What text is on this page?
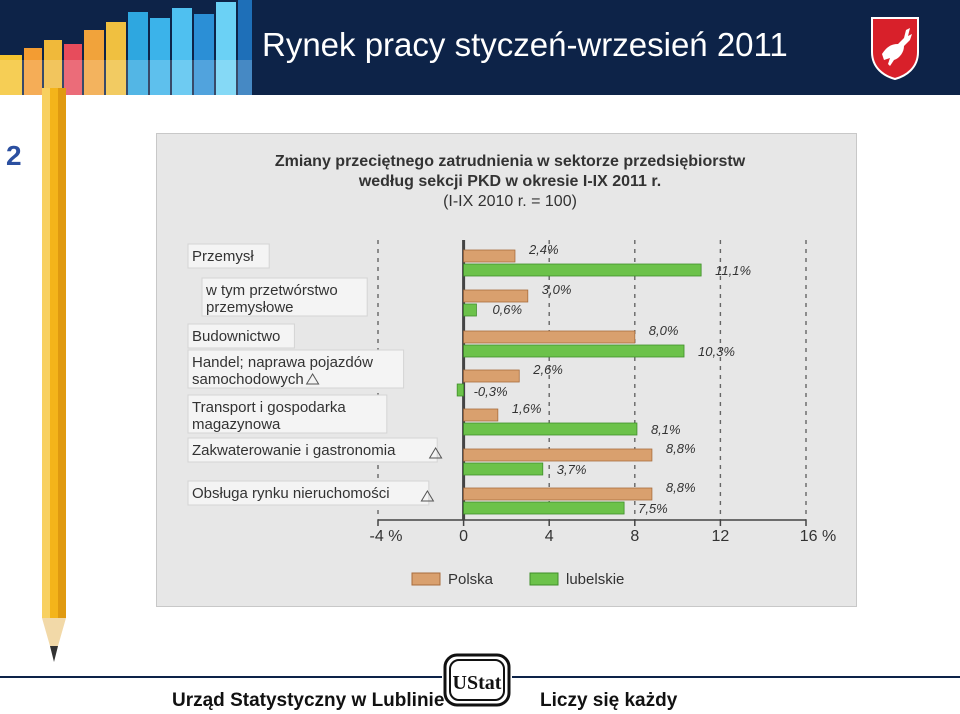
Rynek pracy styczeń-wrzesień 2011
2	Zmiany przeciętnego zatrudnienia w sektorze przedsiębiorstw
według sekcji PKD w okresie I-IX 2011 r.
(I-IX 2010 r. = 100)
Przemysł
w tym przetwórstwo
przemysłowe
Budownictwo
Handel; naprawa pojazdów
samochodowych
Transport i gospodarka
magazynowa
Zakwaterowanie i gastronomia
Obsługa rynku nieruchomości
2,4%
3,0%
8,0%
2,6%
1,6%
8,8%
8,8%
11,1%
0,6%
10,3%
-0,3%
8,1%
3,7%
7,5%
-4 %	0	4	8	12	16 %
Polska	lubelskie
UStat
Urząd Statystyczny w Lublinie	Liczy się każdy
